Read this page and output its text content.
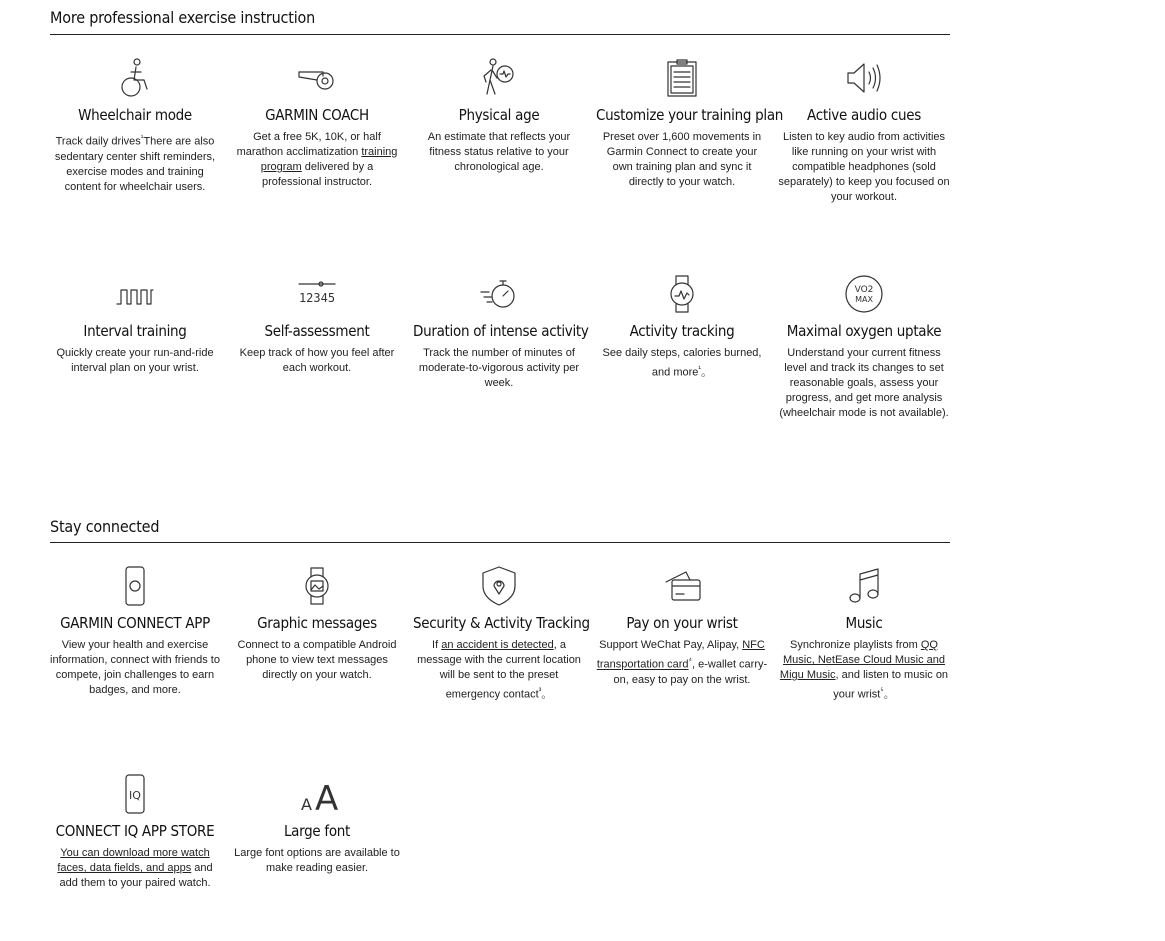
More professional exercise instruction
Stay connected
Wheelchair mode
Track daily drives$^{^1}$There are also sedentary center shift reminders, exercise modes and training content for wheelchair users.
GARMIN COACH
Get a free 5K, 10K, or half marathon acclimatization training program delivered by a professional instructor.
Physical age
An estimate that reflects your fitness status relative to your chronological age.
Customize your training plan
Preset over 1,600 movements in Garmin Connect to create your own training plan and sync it directly to your watch.
Active audio cues
Listen to key audio from activities like running on your wrist with compatible headphones (sold separately) to keep you focused on your workout.
Interval training
Quickly create your run-and-ride interval plan on your wrist.
12345
Self-assessment
Keep track of how you feel after each workout.
Duration of intense activity
Track the number of minutes of moderate-to-vigorous activity per week.
Activity tracking
See daily steps, calories burned, and more$^{^1}$。
VO2
MAX
Maximal oxygen uptake
Understand your current fitness level and track its changes to set reasonable goals, assess your progress, and get more analysis (wheelchair mode is not available).
GARMIN CONNECT APP
View your health and exercise information, connect with friends to compete, join challenges to earn badges, and more.
Graphic messages
Connect to a compatible Android phone to view text messages directly on your watch.
Security & Activity Tracking
If an accident is detected, a message with the current location will be sent to the preset emergency contact$^{^3}$。
Pay on your wrist
Support WeChat Pay, Alipay, NFC transportation card$^{^4}$, e-wallet carry-on, easy to pay on the wrist.
Music
Synchronize playlists from QQ Music, NetEase Cloud Music and Migu Music, and listen to music on your wrist$^{^5}$。
IQ
CONNECT IQ APP STORE
You can download more watch faces, data fields, and apps and add them to your paired watch.
A A
Large font
Large font options are available to make reading easier.
